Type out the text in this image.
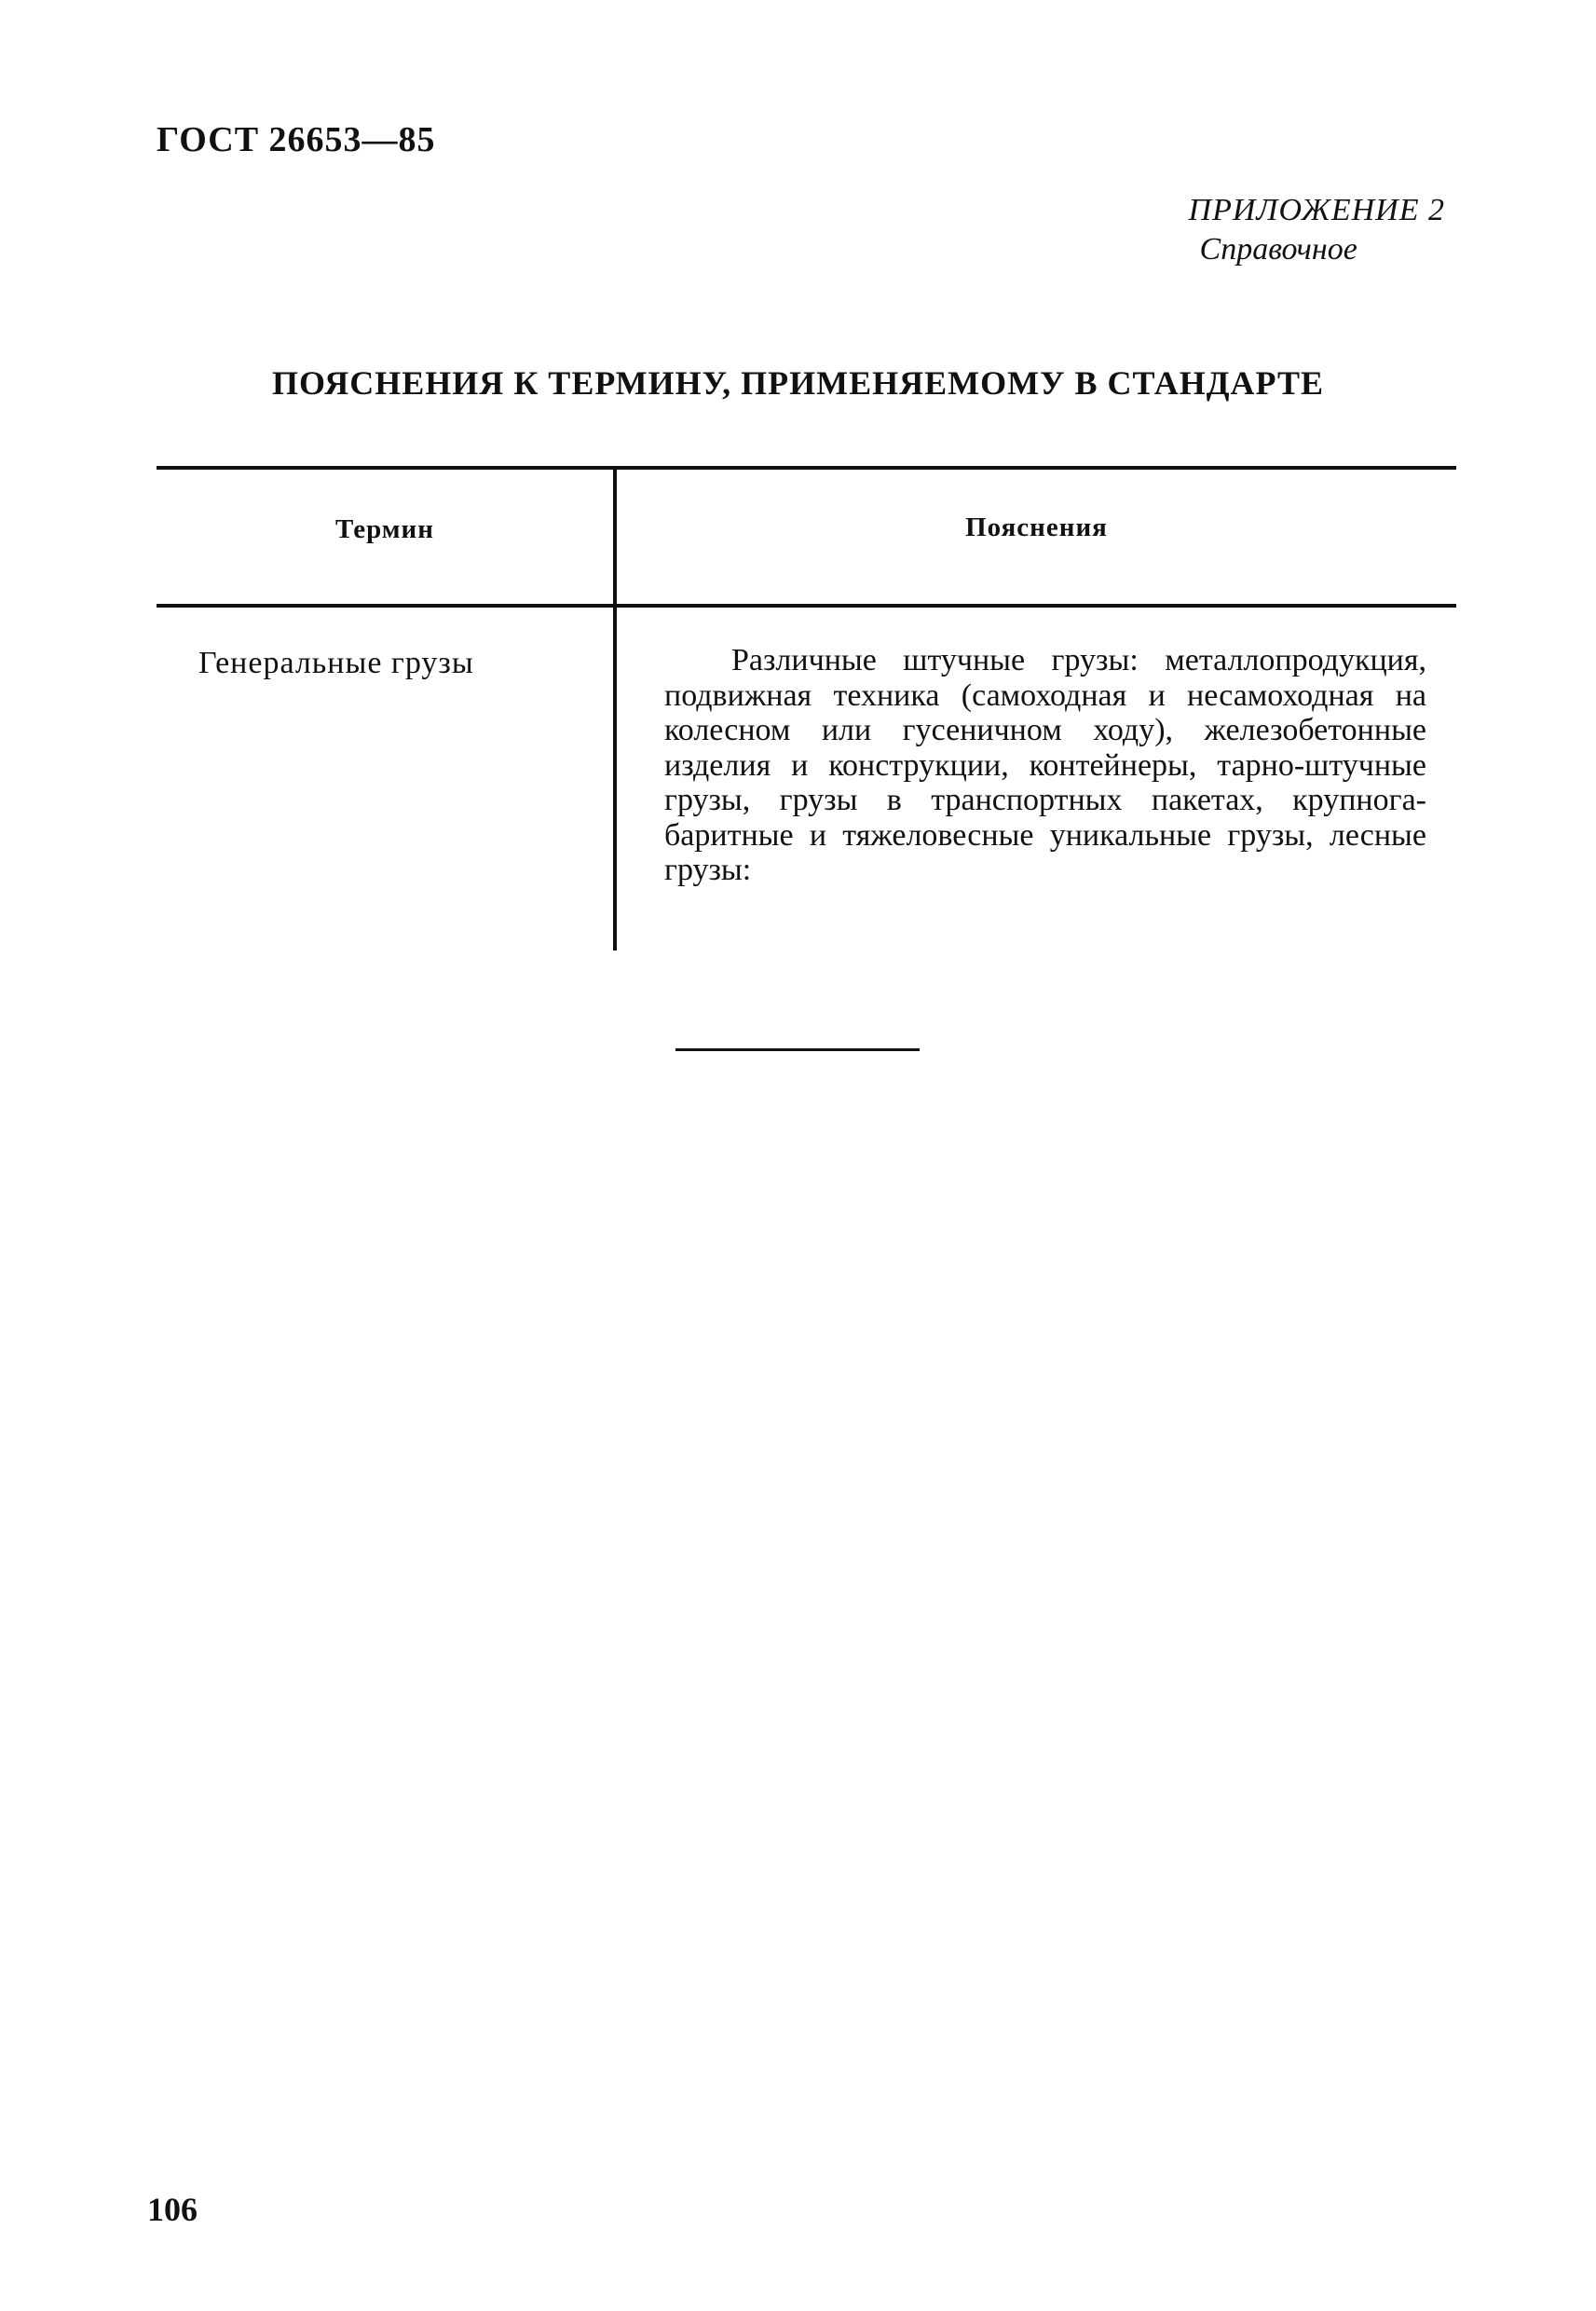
ГОСТ 26653—85
ПРИЛОЖЕНИЕ 2
Справочное
ПОЯСНЕНИЯ К ТЕРМИНУ, ПРИМЕНЯЕМОМУ В СТАНДАРТЕ
Термин	Пояснения
Генеральные грузы	Различные штучные грузы: металлопродукция, подвижная техника (самоходная и несамоходная на колесном или гусеничном ходу), железобетонные изделия и конструкции, контейнеры, тарно-штучные грузы, грузы в транспортных пакетах, крупногабаритные и тяжеловесные уникальные грузы, лесные грузы:
106
